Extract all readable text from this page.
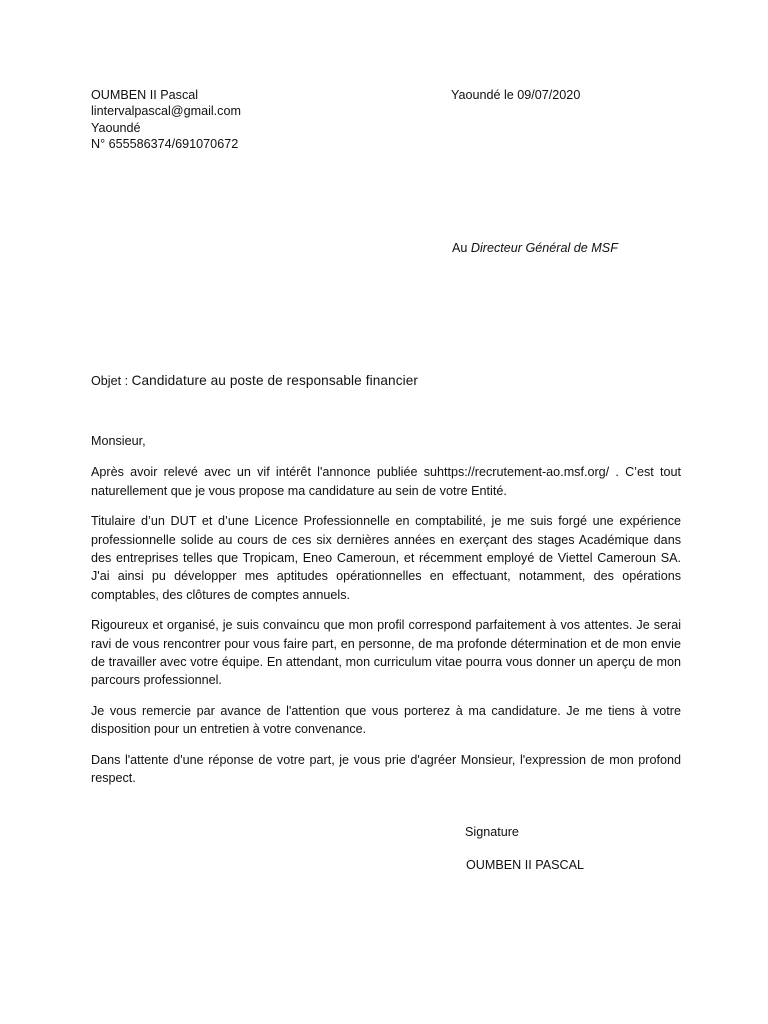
OUMBEN II Pascal
lintervalpascal@gmail.com
Yaoundé
N° 655586374/691070672
Yaoundé le 09/07/2020
Au Directeur Général de MSF
Objet : Candidature au poste de responsable financier

Monsieur,

Après avoir relevé avec un vif intérêt l'annonce publiée suhttps://recrutement-ao.msf.org/ . C’est tout naturellement que je vous propose ma candidature au sein de votre Entité.

Titulaire d’un DUT et d’une Licence Professionnelle en comptabilité, je me suis forgé une expérience professionnelle solide au cours de ces six dernières années en exerçant des stages Académique dans des entreprises telles que Tropicam, Eneo Cameroun, et récemment employé de Viettel Cameroun SA. J'ai ainsi pu développer mes aptitudes opérationnelles en effectuant, notamment, des opérations comptables, des clôtures de comptes annuels.

Rigoureux et organisé, je suis convaincu que mon profil correspond parfaitement à vos attentes. Je serai ravi de vous rencontrer pour vous faire part, en personne, de ma profonde détermination et de mon envie de travailler avec votre équipe. En attendant, mon curriculum vitae pourra vous donner un aperçu de mon parcours professionnel.

Je vous remercie par avance de l'attention que vous porterez à ma candidature. Je me tiens à votre disposition pour un entretien à votre convenance.

Dans l'attente d'une réponse de votre part, je vous prie d'agréer Monsieur, l'expression de mon profond respect.

Signature
OUMBEN II PASCAL
